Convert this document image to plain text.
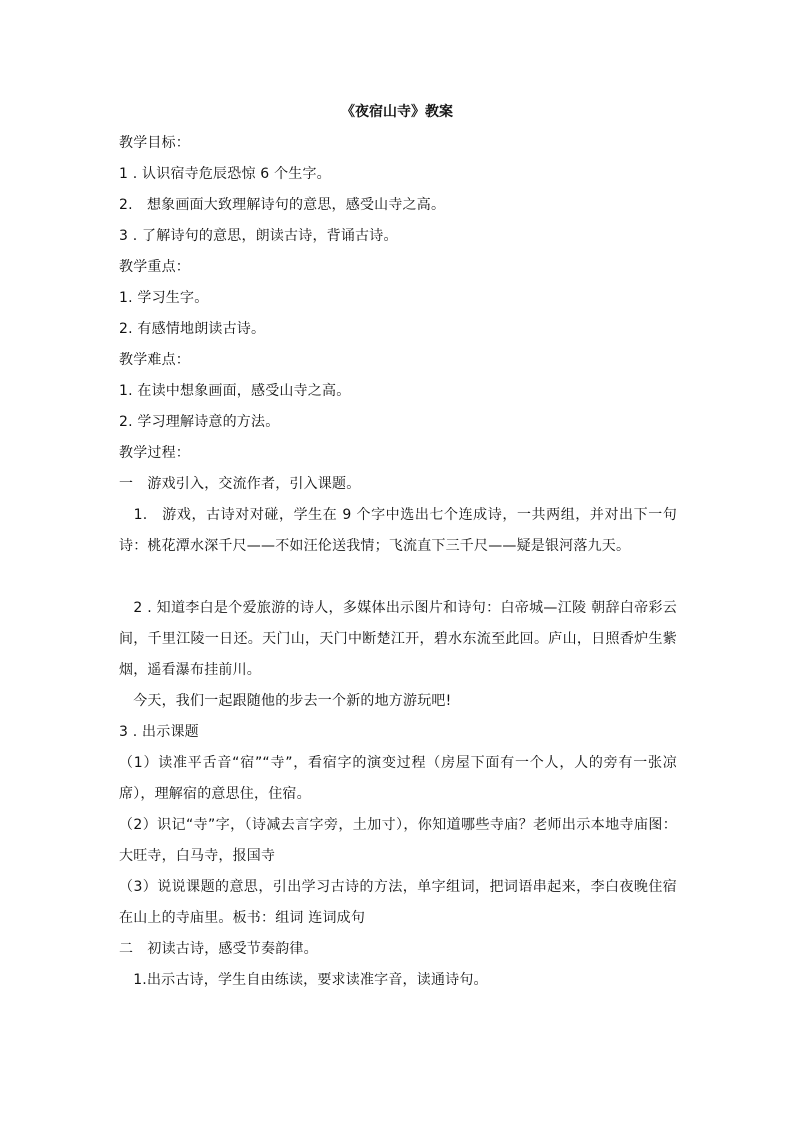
《夜宿山寺》教案
教学目标：
1 . 认识宿寺危辰恐惊 6 个生字。
2.　想象画面大致理解诗句的意思，感受山寺之高。
3 . 了解诗句的意思，朗读古诗，背诵古诗。
教学重点：
1. 学习生字。
2. 有感情地朗读古诗。
教学难点：
1. 在读中想象画面，感受山寺之高。
2. 学习理解诗意的方法。
教学过程：
一　游戏引入，交流作者，引入课题。
　1.　游戏，古诗对对碰，学生在 9 个字中选出七个连成诗，一共两组，并对出下一句诗：桃花潭水深千尺——不如汪伦送我情；飞流直下三千尺——疑是银河落九天。
　2 . 知道李白是个爱旅游的诗人，多媒体出示图片和诗句：白帝城—江陵 朝辞白帝彩云间，千里江陵一日还。天门山，天门中断楚江开，碧水东流至此回。庐山，日照香炉生紫烟，遥看瀑布挂前川。
　今天，我们一起跟随他的步去一个新的地方游玩吧!
3 . 出示课题
（1）读准平舌音“宿”“寺”，看宿字的演变过程（房屋下面有一个人，人的旁有一张凉席），理解宿的意思住，住宿。
（2）识记“寺”字，（诗减去言字旁，土加寸），你知道哪些寺庙？老师出示本地寺庙图：大旺寺，白马寺，报国寺
（3）说说课题的意思，引出学习古诗的方法，单字组词，把词语串起来，李白夜晚住宿在山上的寺庙里。板书：组词 连词成句
二　初读古诗，感受节奏韵律。
　1.出示古诗，学生自由练读，要求读准字音，读通诗句。
